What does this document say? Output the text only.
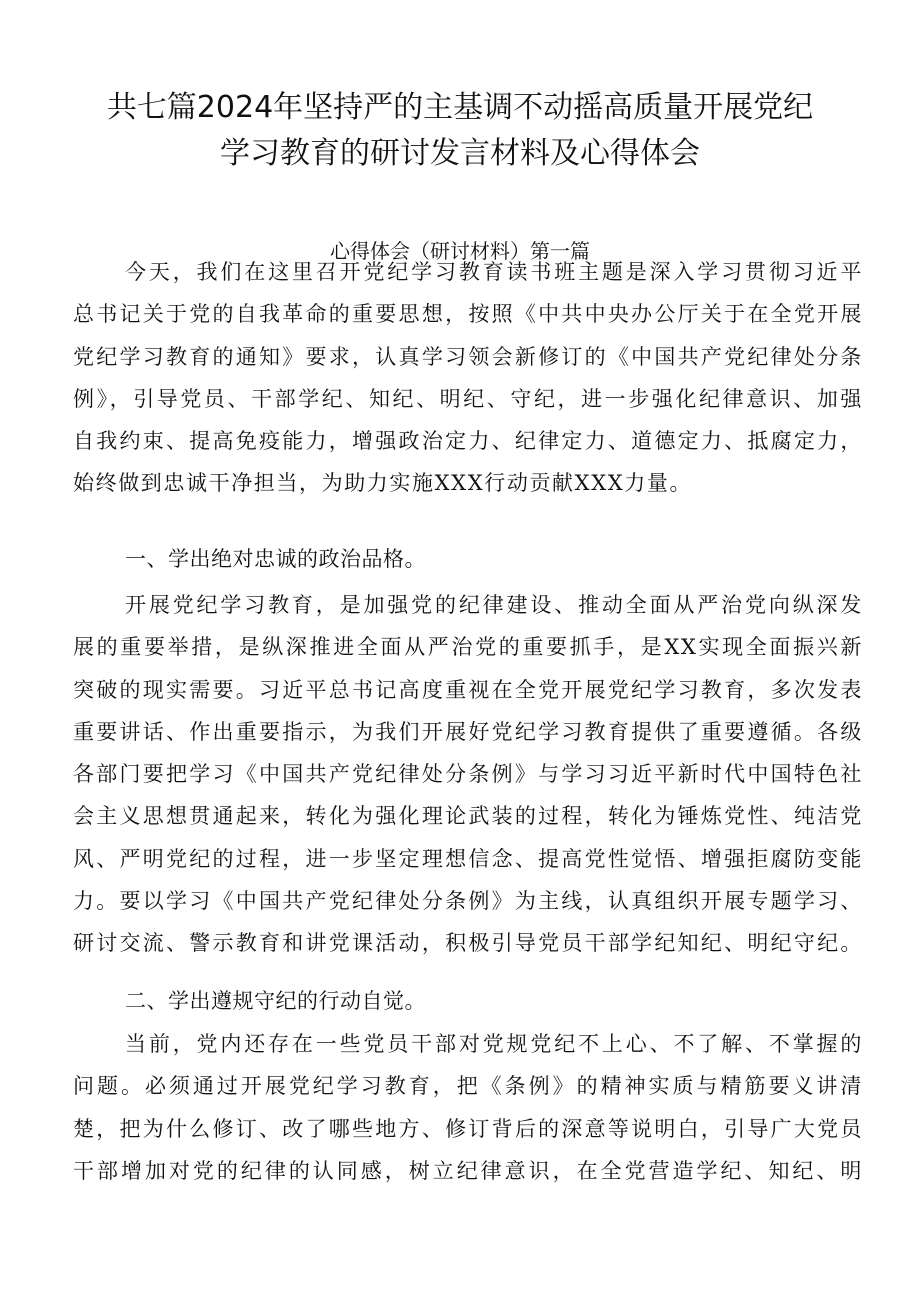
共七篇2024年坚持严的主基调不动摇高质量开展党纪
学习教育的研讨发言材料及心得体会
心得体会（研讨材料）第一篇
今天，我们在这里召开党纪学习教育读书班主题是深入学习贯彻习近平
总书记关于党的自我革命的重要思想，按照《中共中央办公厅关于在全党开展
党纪学习教育的通知》要求，认真学习领会新修订的《中国共产党纪律处分条
例》，引导党员、干部学纪、知纪、明纪、守纪，进一步强化纪律意识、加强
自我约束、提高免疫能力，增强政治定力、纪律定力、道德定力、抵腐定力，
始终做到忠诚干净担当，为助力实施XXX行动贡献XXX力量。
一、学出绝对忠诚的政治品格。
开展党纪学习教育，是加强党的纪律建设、推动全面从严治党向纵深发
展的重要举措，是纵深推进全面从严治党的重要抓手，是XX实现全面振兴新
突破的现实需要。习近平总书记高度重视在全党开展党纪学习教育，多次发表
重要讲话、作出重要指示，为我们开展好党纪学习教育提供了重要遵循。各级
各部门要把学习《中国共产党纪律处分条例》与学习习近平新时代中国特色社
会主义思想贯通起来，转化为强化理论武装的过程，转化为锤炼党性、纯洁党
风、严明党纪的过程，进一步坚定理想信念、提高党性觉悟、增强拒腐防变能
力。要以学习《中国共产党纪律处分条例》为主线，认真组织开展专题学习、
研讨交流、警示教育和讲党课活动，积极引导党员干部学纪知纪、明纪守纪。
二、学出遵规守纪的行动自觉。
当前，党内还存在一些党员干部对党规党纪不上心、不了解、不掌握的
问题。必须通过开展党纪学习教育，把《条例》的精神实质与精筋要义讲清
楚，把为什么修订、改了哪些地方、修订背后的深意等说明白，引导广大党员
干部增加对党的纪律的认同感，树立纪律意识，在全党营造学纪、知纪、明
